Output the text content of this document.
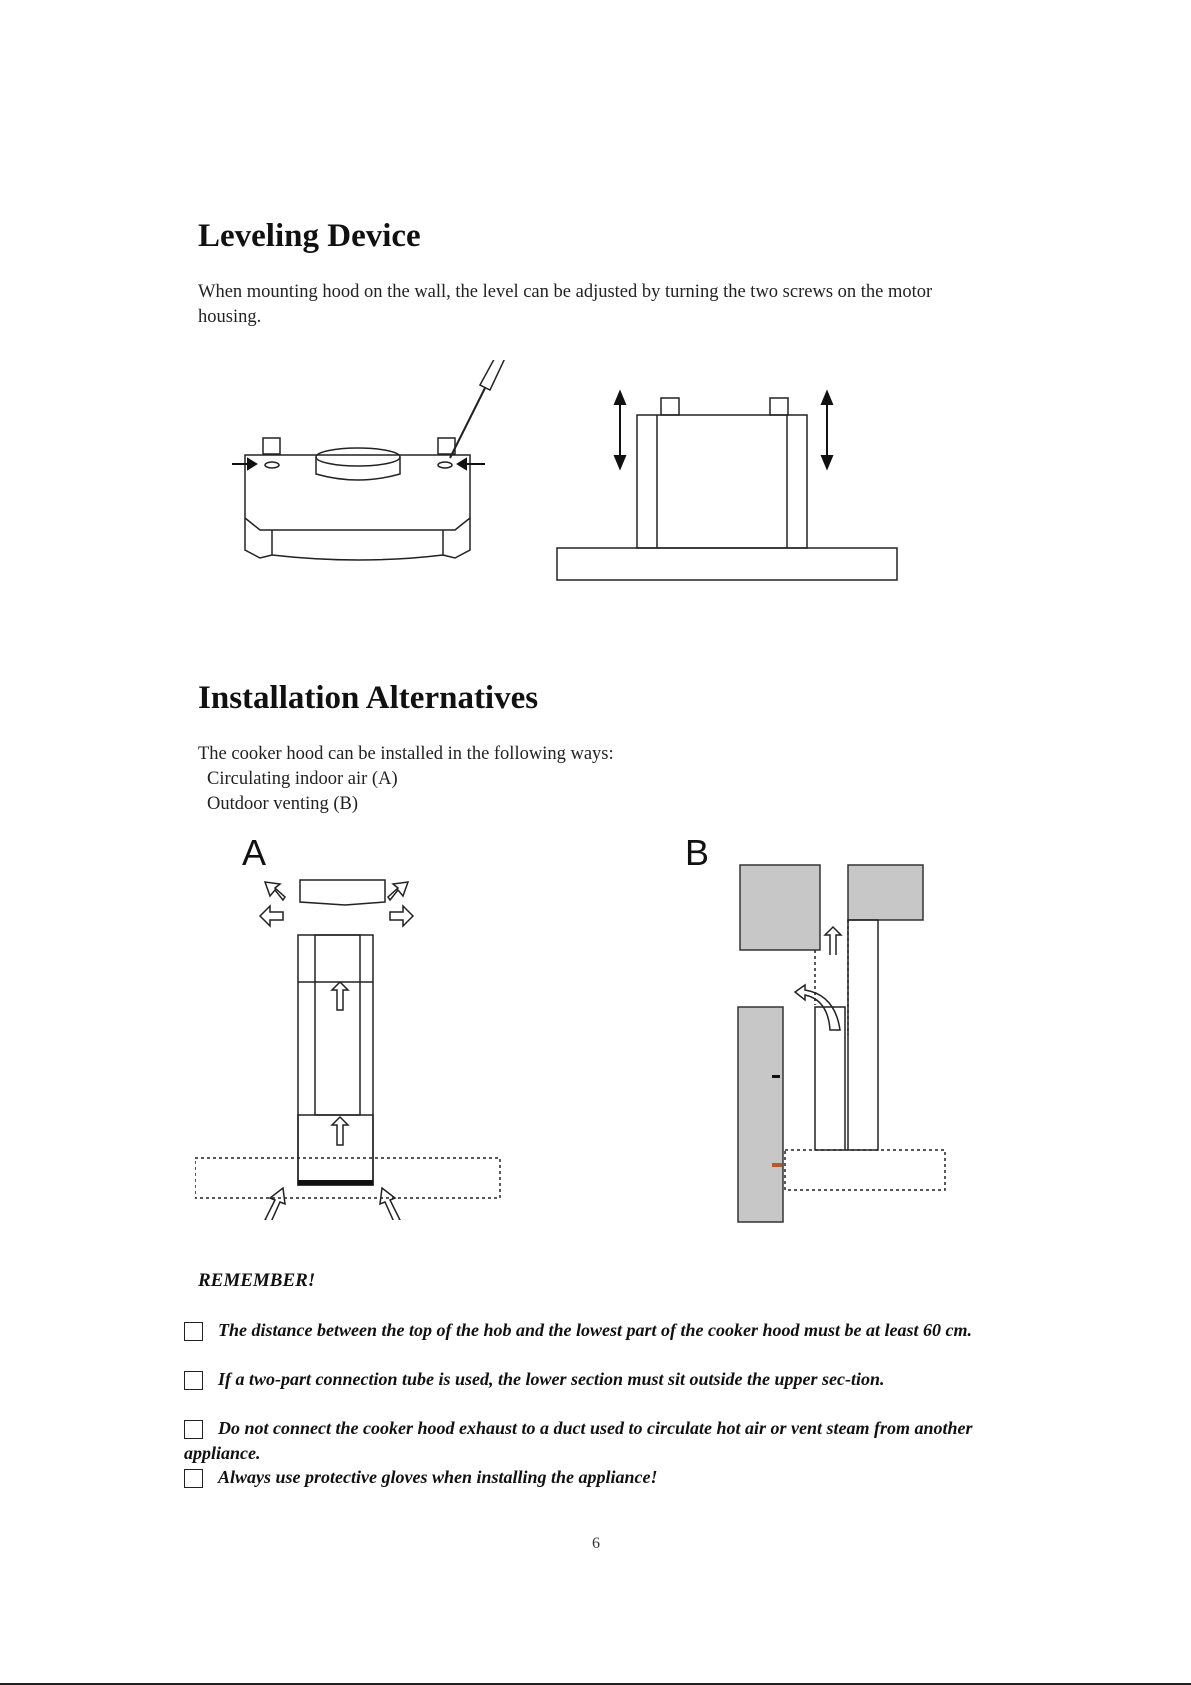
Leveling Device
When mounting hood on the wall, the level can be adjusted by turning the two screws on the motor housing.
Installation Alternatives
The cooker hood can be installed in the following ways:
Circulating indoor air (A)
Outdoor venting (B)
A	B
REMEMBER!
The distance between the top of the hob and the lowest part of the cooker hood must be at least 60 cm.
If a two-part connection tube is used, the lower section must sit outside the upper sec-tion.
Do not connect the cooker hood exhaust to a duct used to circulate hot air or vent steam from another appliance.
Always use protective gloves when installing the appliance!
6
